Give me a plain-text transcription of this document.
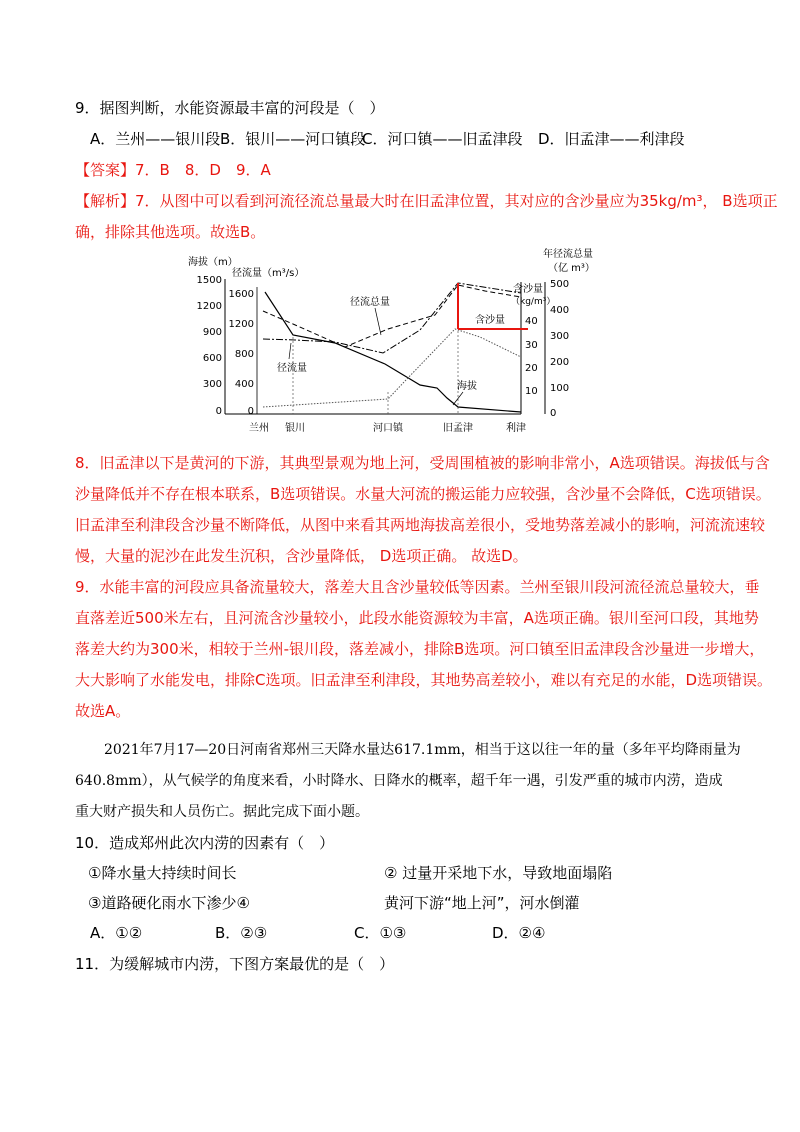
9．据图判断，水能资源最丰富的河段是（　）
A．兰州——银川段 B．银川——河口镇段
C．河口镇——旧孟津段 D．旧孟津——利津段
【答案】7．B　8．D　9．A
【解析】7．从图中可以看到河流径流总量最大时在旧孟津位置，其对应的含沙量应为35kg/m³， B选项正
确，排除其他选项。故选B。
海拔（m）
径流量（m³/s）
年径流总量
（亿 m³）
含沙量
（kg/m³）
1500
1200
900
600
300
0
1600
1200
800
400
0
40
30
20
10
500
400
300
200
100
0
径流总量
含沙量
径流量
海拔
兰州 银川	河口镇	旧孟津	利津
8．旧孟津以下是黄河的下游，其典型景观为地上河，受周围植被的影响非常小，A选项错误。海拔低与含
沙量降低并不存在根本联系，B选项错误。水量大河流的搬运能力应较强，含沙量不会降低，C选项错误。
旧孟津至利津段含沙量不断降低，从图中来看其两地海拔高差很小，受地势落差减小的影响，河流流速较
慢，大量的泥沙在此发生沉积，含沙量降低， D选项正确。 故选D。
9．水能丰富的河段应具备流量较大，落差大且含沙量较低等因素。兰州至银川段河流径流总量较大，垂
直落差近500米左右，且河流含沙量较小，此段水能资源较为丰富，A选项正确。银川至河口段，其地势
落差大约为300米，相较于兰州-银川段，落差减小，排除B选项。河口镇至旧孟津段含沙量进一步增大，
大大影响了水能发电，排除C选项。旧孟津至利津段，其地势高差较小，难以有充足的水能，D选项错误。
故选A。
2021年7月17—20日河南省郑州三天降水量达617.1mm，相当于这以往一年的量（多年平均降雨量为
640.8mm），从气候学的角度来看，小时降水、日降水的概率，超千年一遇，引发严重的城市内涝，造成
重大财产损失和人员伤亡。据此完成下面小题。
10．造成郑州此次内涝的因素有（　）
①降水量大持续时间长	② 过量开采地下水，导致地面塌陷
③道路硬化雨水下渗少④	黄河下游“地上河”，河水倒灌
A．①②	B．②③	C．①③	D．②④
11．为缓解城市内涝，下图方案最优的是（　）
